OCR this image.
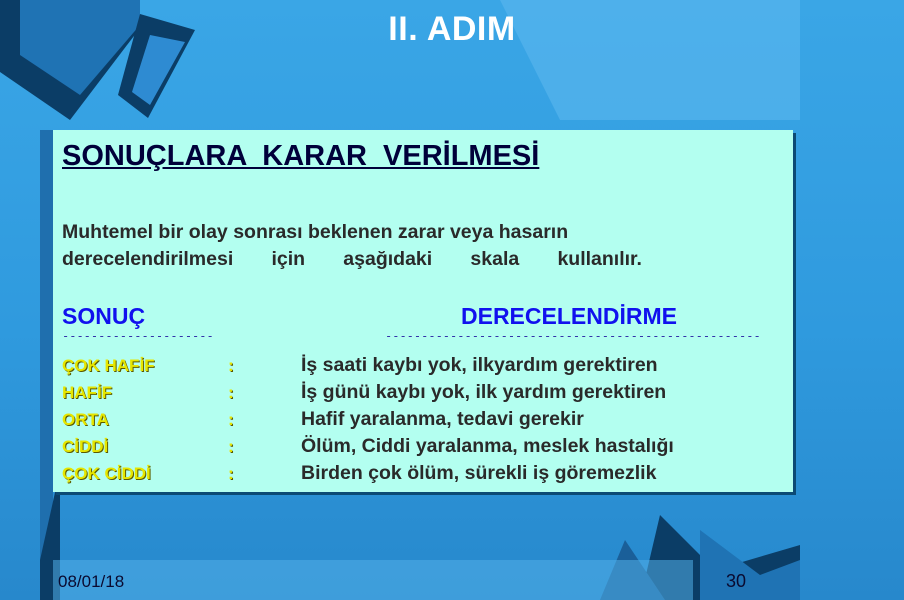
II. ADIM
SONUÇLARA KARAR VERİLMESİ
Muhtemel bir olay sonrası beklenen zarar veya hasarın
derecelendirilmesi için aşağıdaki skala kullanılır.
SONUÇ	DERECELENDİRME
---------------------	----------------------------------------------------
ÇOK HAFİF	:	İş saati kaybı yok, ilkyardım gerektiren
HAFİF	:	İş günü kaybı yok, ilk yardım gerektiren
ORTA	:	Hafif yaralanma, tedavi gerekir
CİDDİ	:	Ölüm, Ciddi yaralanma, meslek hastalığı
ÇOK CİDDİ	:	Birden çok ölüm, sürekli iş göremezlik
08/01/18	30
